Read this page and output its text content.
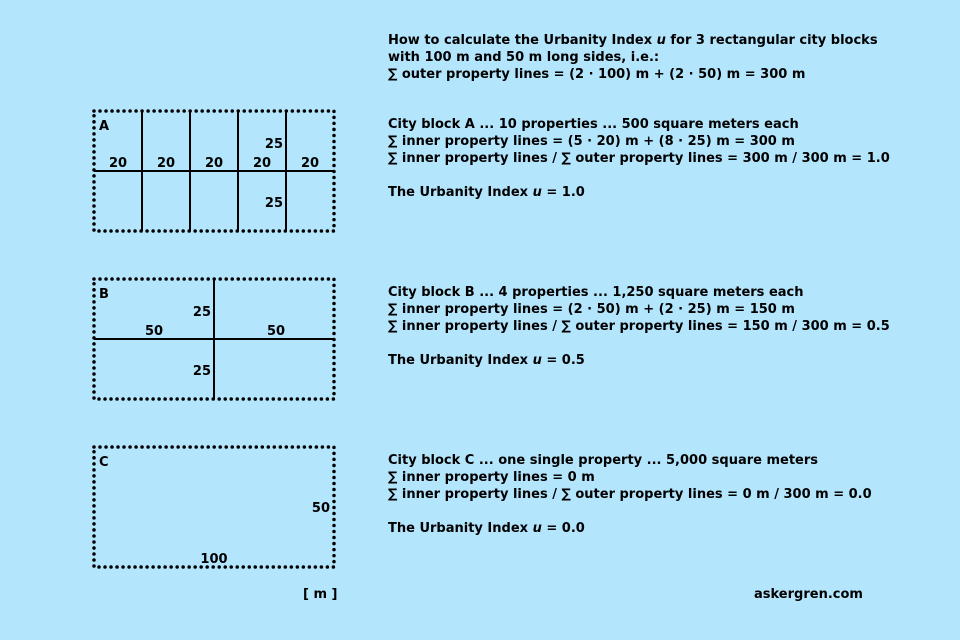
A
20 20 20 20 20
25
25
B
50	50
25
25
C
50
100
How to calculate the Urbanity Index u for 3 rectangular city blocks
with 100 m and 50 m long sides, i.e.:
∑ outer property lines = (2 · 100) m + (2 · 50) m = 300 m
City block A ... 10 properties ... 500 square meters each
∑ inner property lines = (5 · 20) m + (8 · 25) m = 300 m
∑ inner property lines / ∑ outer property lines = 300 m / 300 m = 1.0
The Urbanity Index u = 1.0
City block B ... 4 properties ... 1,250 square meters each
∑ inner property lines = (2 · 50) m + (2 · 25) m = 150 m
∑ inner property lines / ∑ outer property lines = 150 m / 300 m = 0.5
The Urbanity Index u = 0.5
City block C ... one single property ... 5,000 square meters
∑ inner property lines = 0 m
∑ inner property lines / ∑ outer property lines = 0 m / 300 m = 0.0
The Urbanity Index u = 0.0
[ m ]	askergren.com
